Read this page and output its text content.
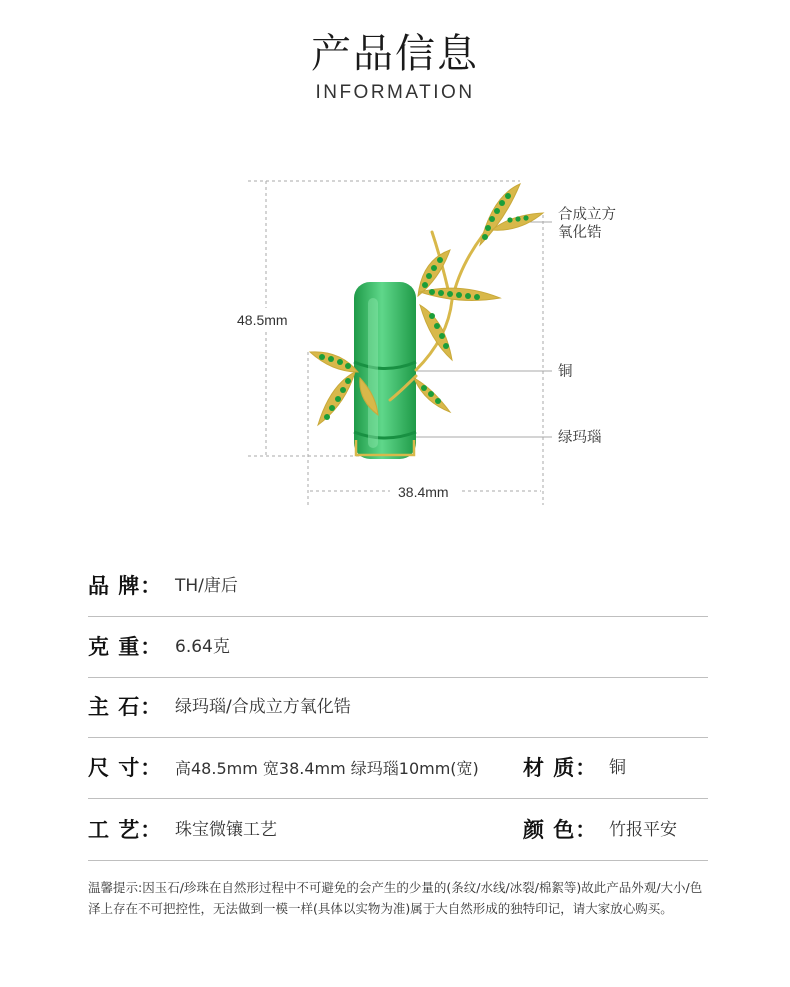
产品信息
INFORMATION
48.5mm
38.4mm
合成立方
氧化锆
铜
绿玛瑙
品 牌： TH/唐后
克 重： 6.64克
主 石： 绿玛瑙/合成立方氧化锆
尺 寸： 高48.5mm 宽38.4mm 绿玛瑙10mm(宽) 材 质： 铜
工 艺： 珠宝微镶工艺	颜 色： 竹报平安
温馨提示:因玉石/珍珠在自然形过程中不可避免的会产生的少量的(条纹/水线/冰裂/棉絮等)故此产品外观/大小/色泽上存在不可把控性，无法做到一模一样(具体以实物为准)属于大自然形成的独特印记，请大家放心购买。
